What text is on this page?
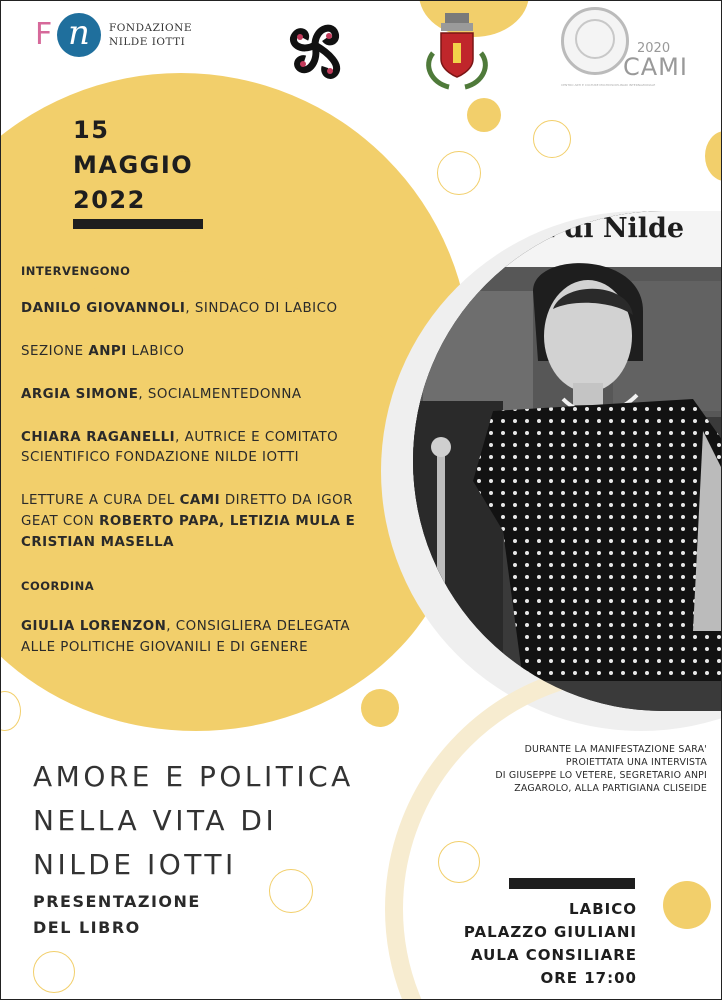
F n	FONDAZIONE
NILDE IOTTI	2020
CAMI
CENTRO ARTI E CULTURE MULTIDISCIPLINARI INTERNAZIONALE
15
MAGGIO
2022
INTERVENGONO
DANILO GIOVANNOLI, SINDACO DI LABICO
SEZIONE ANPI LABICO
ARGIA SIMONE, SOCIALMENTEDONNA
CHIARA RAGANELLI, AUTRICE E COMITATO
SCIENTIFICO FONDAZIONE NILDE IOTTI
LETTURE A CURA DEL CAMI DIRETTO DA IGOR
GEAT CON ROBERTO PAPA, LETIZIA MULA E
CRISTIAN MASELLA
COORDINA
GIULIA LORENZON, CONSIGLIERA DELEGATA
ALLE POLITICHE GIOVANILI E DI GENERE
vita di Nilde
AMORE E POLITICA
NELLA VITA DI
NILDE IOTTI
PRESENTAZIONE
DEL LIBRO
DURANTE LA MANIFESTAZIONE SARA'
PROIETTATA UNA INTERVISTA
DI GIUSEPPE LO VETERE, SEGRETARIO ANPI
ZAGAROLO, ALLA PARTIGIANA CLISEIDE
LABICO
PALAZZO GIULIANI
AULA CONSILIARE
ORE 17:00
